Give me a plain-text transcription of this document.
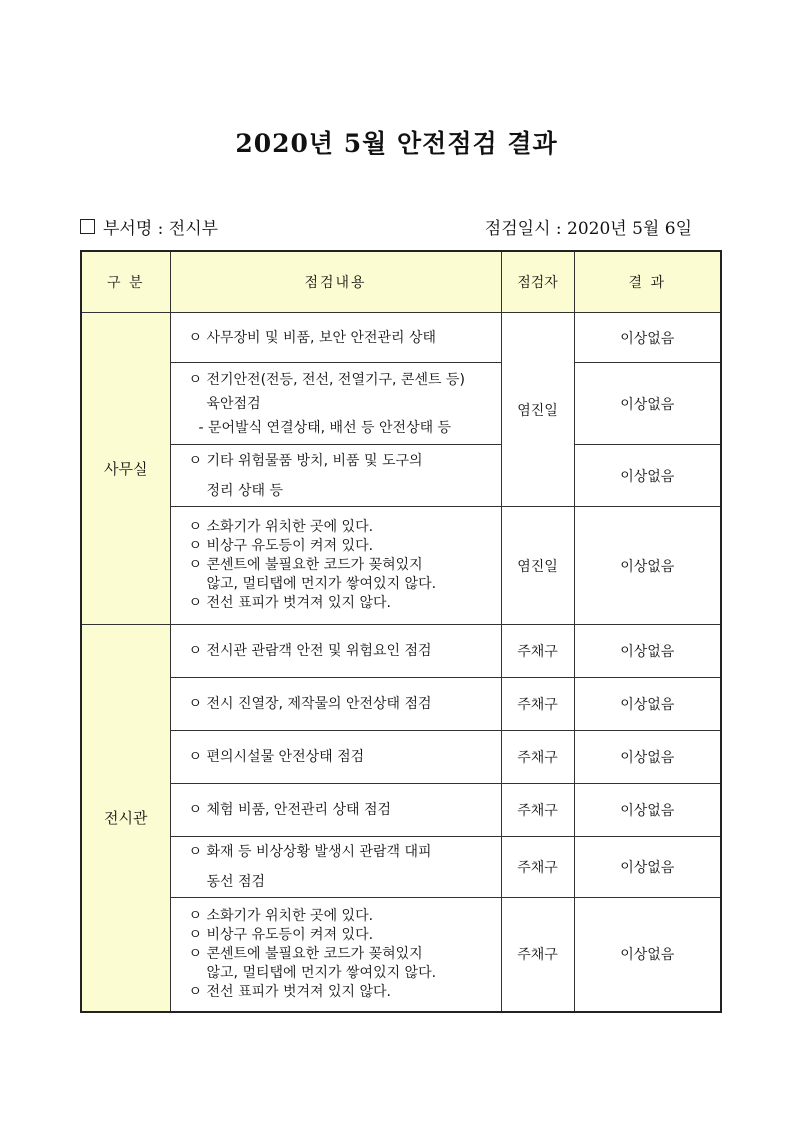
2020년 5월 안전점검 결과
부서명 : 전시부	점검일시 : 2020년 5월 6일
구 분	점검내용	점검자	결 과
사무실	ㅇ 사무장비 및 비품, 보안 안전관리 상태	염진일	이상없음

	ㅇ 전기안전(전등, 전선, 전열기구, 콘센트 등)
육안점검
- 문어발식 연결상태, 배선 등 안전상태 등		이상없음

	ㅇ 기타 위험물품 방치, 비품 및 도구의
정리 상태 등		이상없음

	ㅇ 소화기가 위치한 곳에 있다.
ㅇ 비상구 유도등이 켜져 있다.
ㅇ 콘센트에 불필요한 코드가 꽂혀있지
않고, 멀티탭에 먼지가 쌓여있지 않다.
ㅇ 전선 표피가 벗겨져 있지 않다.	염진일	이상없음
전시관	ㅇ 전시관 관람객 안전 및 위험요인 점검	주채구	이상없음

	ㅇ 전시 진열장, 제작물의 안전상태 점검	주채구	이상없음

	ㅇ 편의시설물 안전상태 점검	주채구	이상없음

	ㅇ 체험 비품, 안전관리 상태 점검	주채구	이상없음

	ㅇ 화재 등 비상상황 발생시 관람객 대피
동선 점검	주채구	이상없음

	ㅇ 소화기가 위치한 곳에 있다.
ㅇ 비상구 유도등이 켜져 있다.
ㅇ 콘센트에 불필요한 코드가 꽂혀있지
않고, 멀티탭에 먼지가 쌓여있지 않다.
ㅇ 전선 표피가 벗겨져 있지 않다.	주채구	이상없음
